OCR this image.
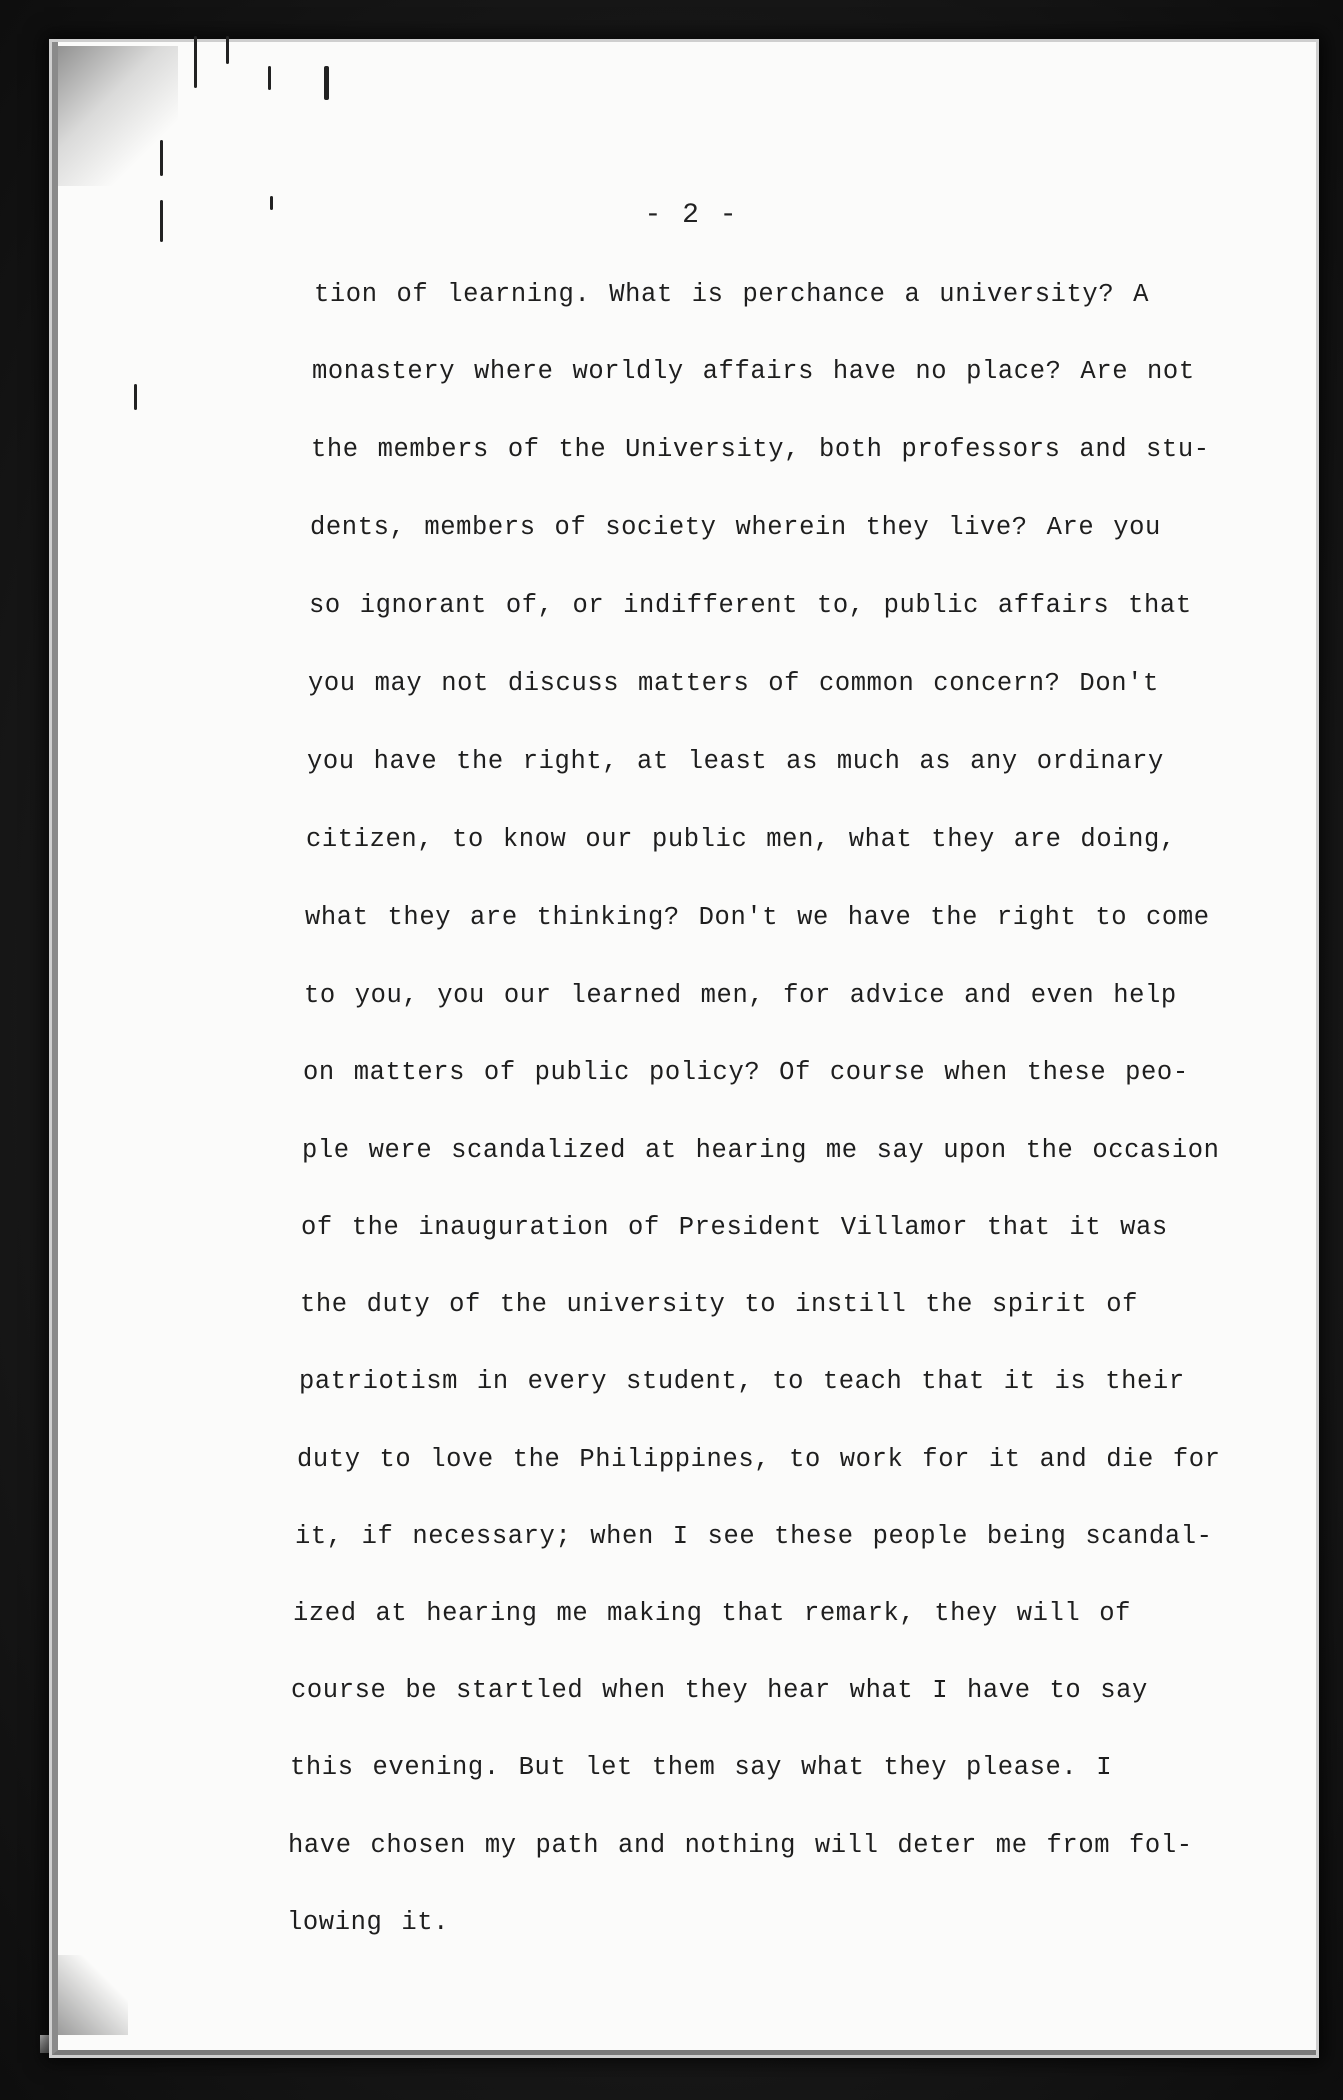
- 2 -
tion of learning. What is perchance a university? A
monastery where worldly affairs have no place? Are not
the members of the University, both professors and stu-
dents, members of society wherein they live? Are you
so ignorant of, or indifferent to, public affairs that
you may not discuss matters of common concern? Don't
you have the right, at least as much as any ordinary
citizen, to know our public men, what they are doing,
what they are thinking? Don't we have the right to come
to you, you our learned men, for advice and even help
on matters of public policy? Of course when these peo-
ple were scandalized at hearing me say upon the occasion
of the inauguration of President Villamor that it was
the duty of the university to instill the spirit of
patriotism in every student, to teach that it is their
duty to love the Philippines, to work for it and die for
it, if necessary; when I see these people being scandal-
ized at hearing me making that remark, they will of
course be startled when they hear what I have to say
this evening. But let them say what they please. I
have chosen my path and nothing will deter me from fol-
lowing it.
